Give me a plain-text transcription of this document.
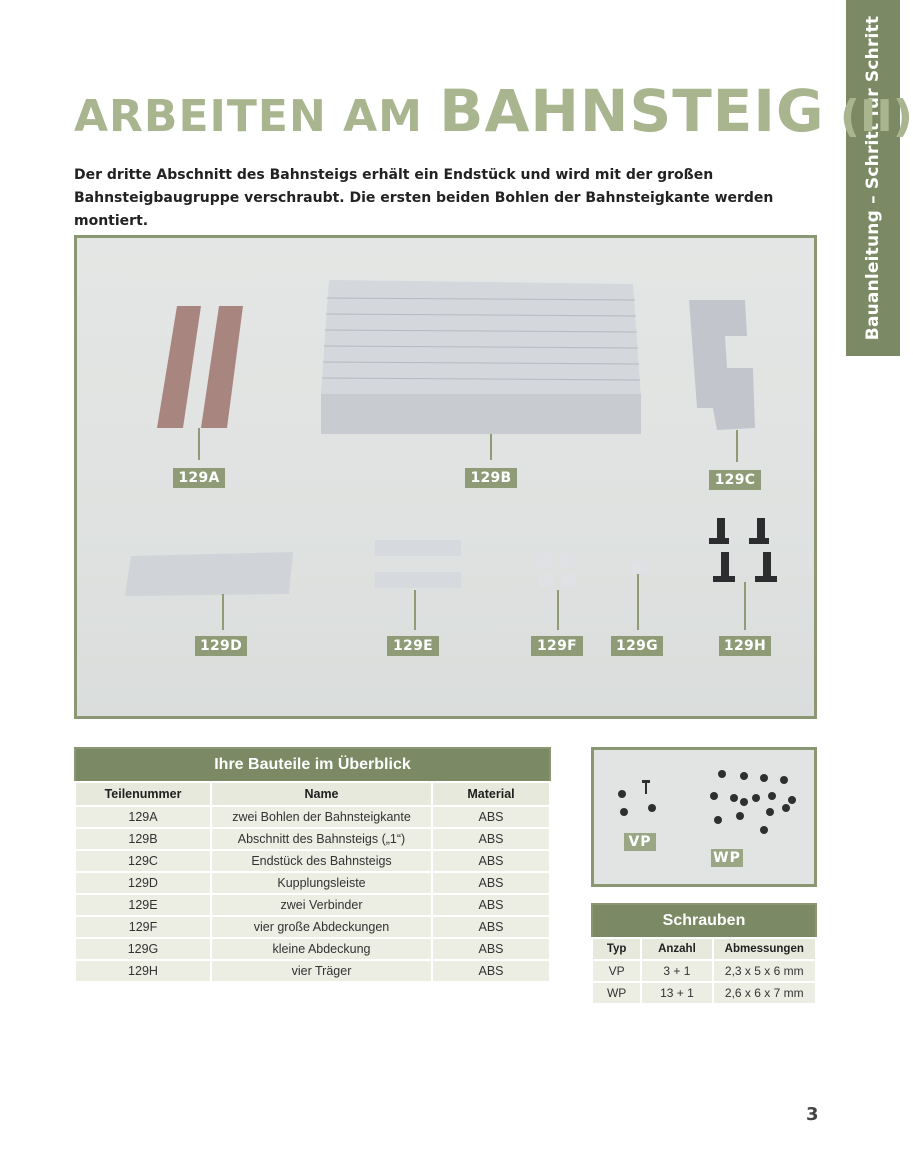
Bauanleitung – Schritt für Schritt
ARBEITEN AM BAHNSTEIG (II)

Der dritte Abschnitt des Bahnsteigs erhält ein Endstück und wird mit der großen Bahnsteigbaugruppe verschraubt. Die ersten beiden Bohlen der Bahnsteigkante werden montiert.

129A	129B	129C
129D	129E	129F	129G	129H
Ihre Bauteile im Überblick
Teilenummer	Name	Material
129A	zwei Bohlen der Bahnsteigkante	ABS
129B	Abschnitt des Bahnsteigs („1“)	ABS
129C	Endstück des Bahnsteigs	ABS
129D	Kupplungsleiste	ABS
129E	zwei Verbinder	ABS
129F	vier große Abdeckungen	ABS
129G	kleine Abdeckung	ABS
129H	vier Träger	ABS
VP
WP
Schrauben
Typ	Anzahl	Abmessungen
VP	3 + 1	2,3 x 5 x 6 mm
WP	13 + 1	2,6 x 6 x 7 mm
3
